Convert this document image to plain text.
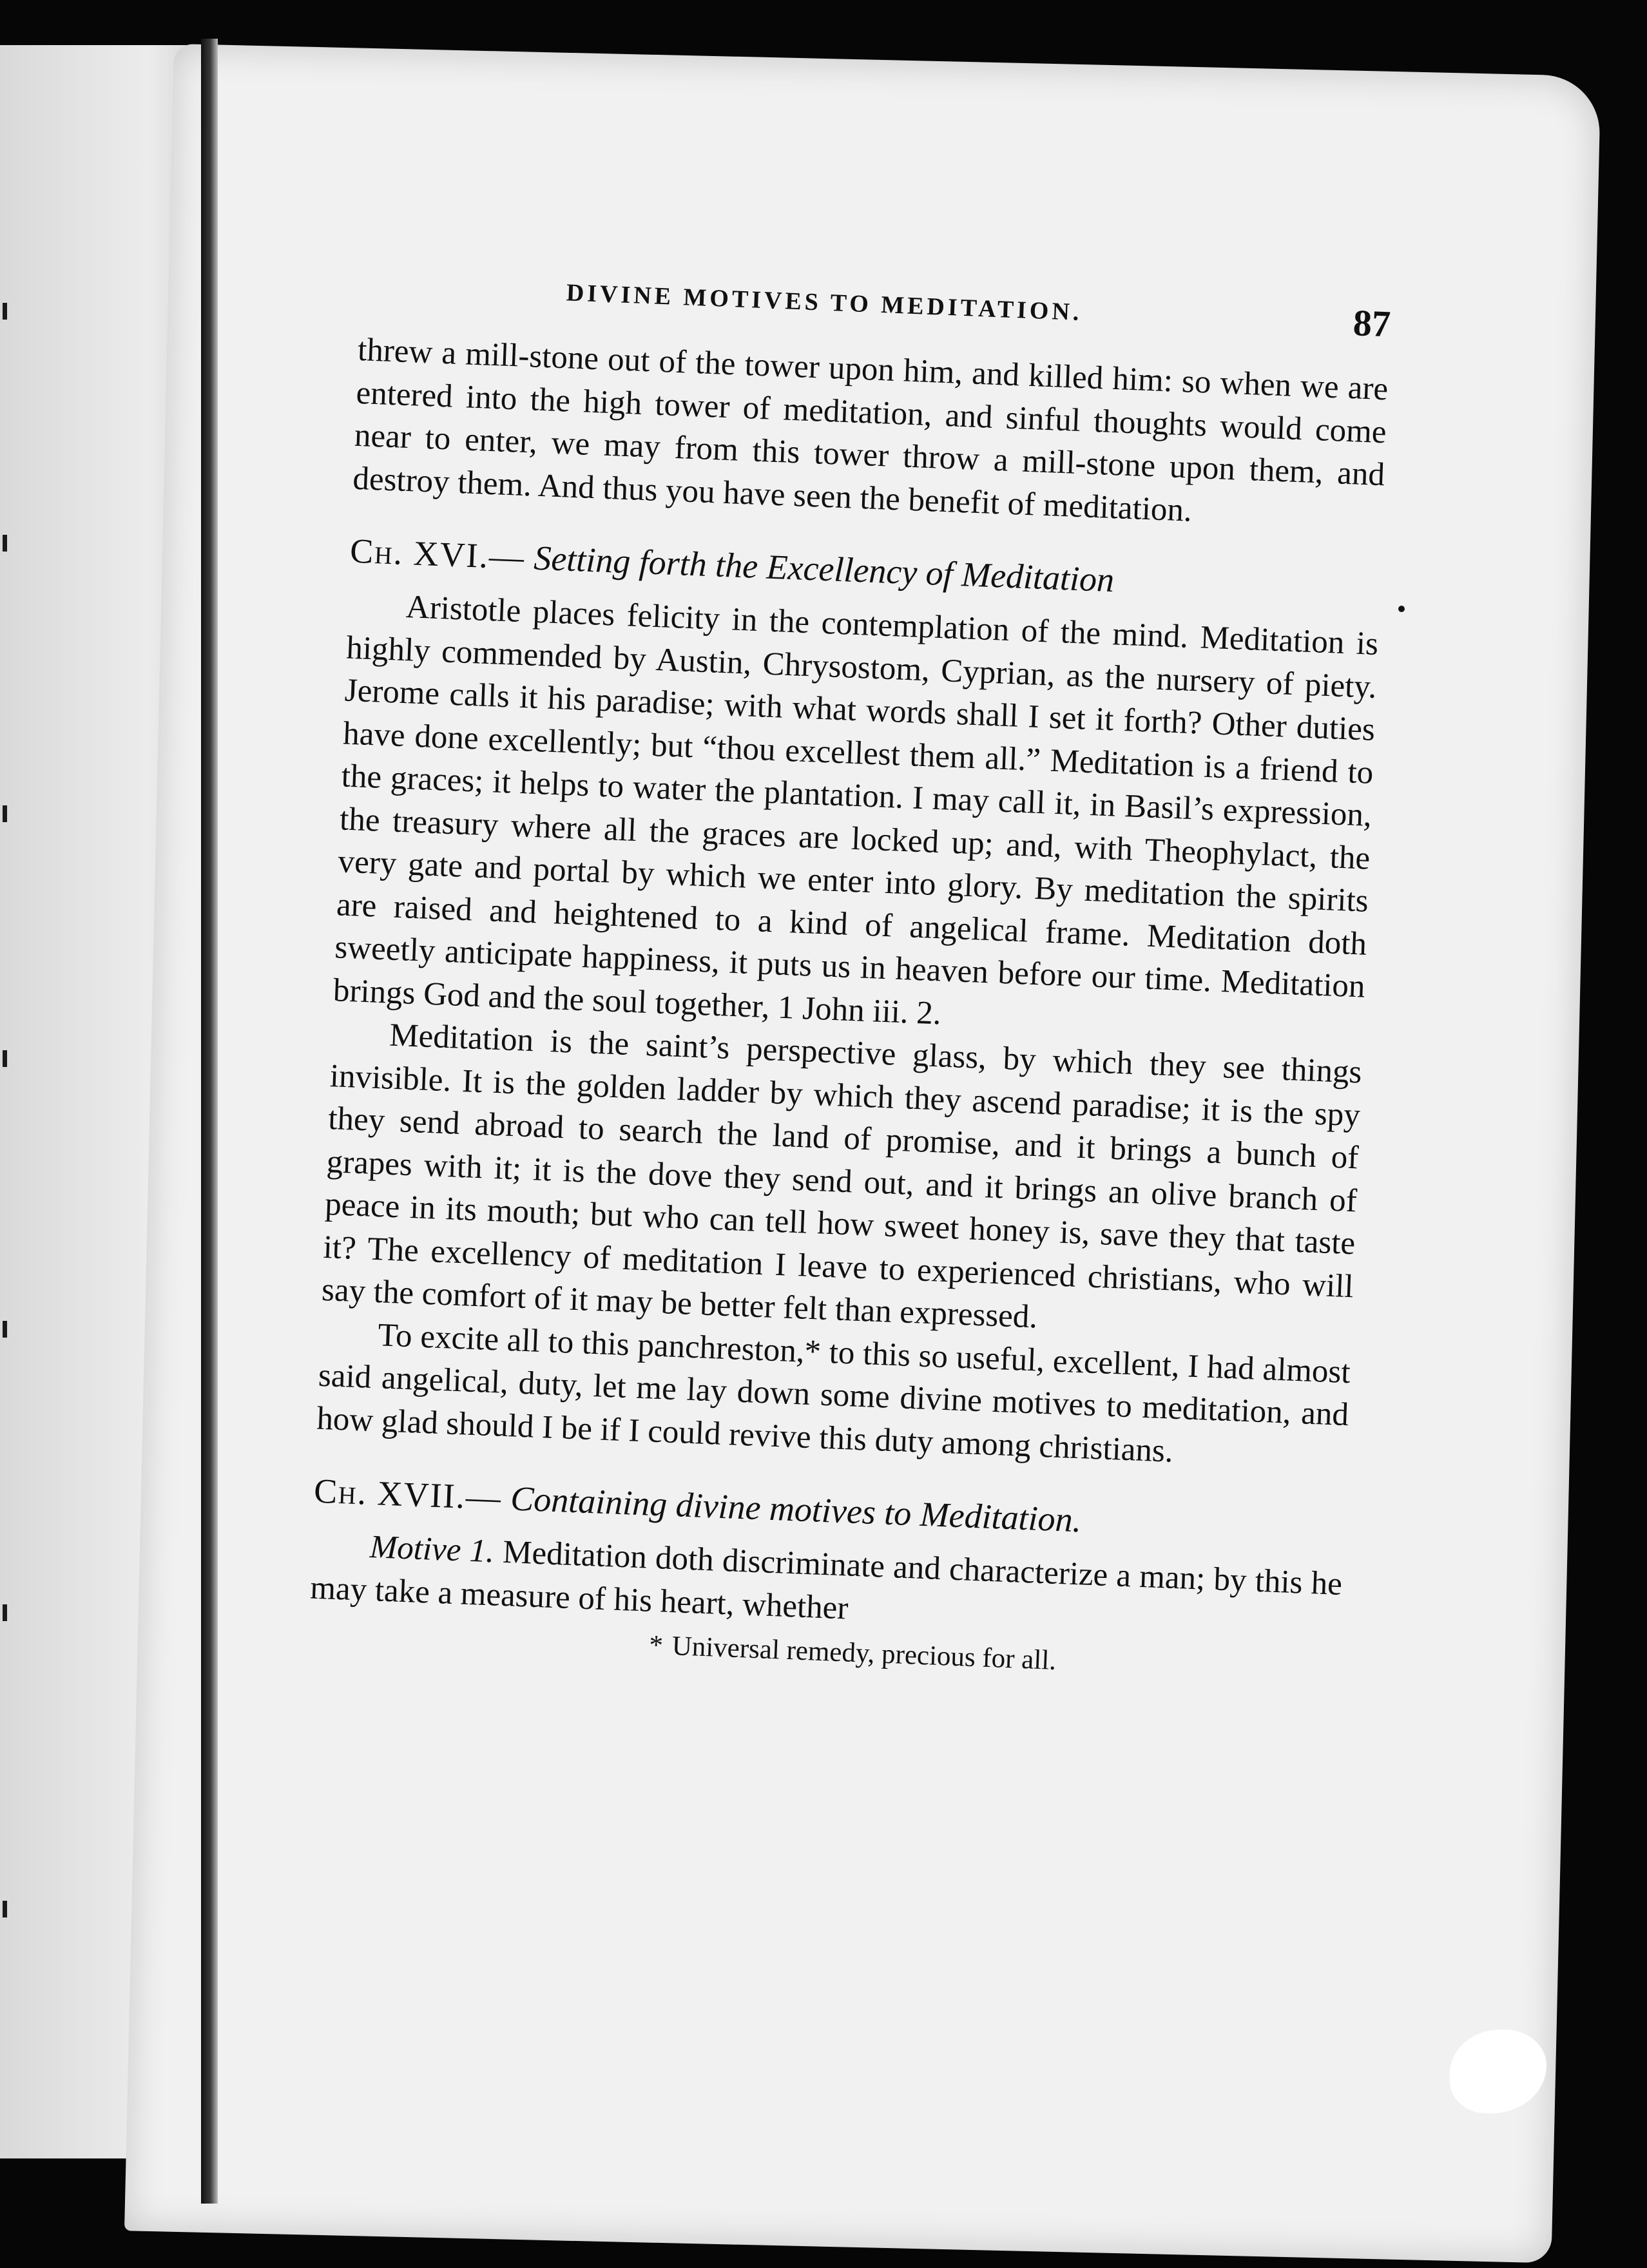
DIVINE MOTIVES TO MEDITATION.	87

threw a mill-stone out of the tower upon him, and killed him: so when we are entered into the high tower of meditation, and sinful thoughts would come near to enter, we may from this tower throw a mill-stone upon them, and destroy them. And thus you have seen the benefit of meditation.

Ch. XVI.— Setting forth the Excellency of Meditation

Aristotle places felicity in the contemplation of the mind. Meditation is highly commended by Austin, Chrysostom, Cyprian, as the nursery of piety. Jerome calls it his paradise; with what words shall I set it forth? Other duties have done excellently; but “thou excellest them all.” Meditation is a friend to the graces; it helps to water the plantation. I may call it, in Basil’s expression, the treasury where all the graces are locked up; and, with Theophylact, the very gate and portal by which we enter into glory. By meditation the spirits are raised and heightened to a kind of angelical frame. Meditation doth sweetly anticipate happiness, it puts us in heaven before our time. Meditation brings God and the soul together, 1 John iii. 2.

Meditation is the saint’s perspective glass, by which they see things invisible. It is the golden ladder by which they ascend paradise; it is the spy they send abroad to search the land of promise, and it brings a bunch of grapes with it; it is the dove they send out, and it brings an olive branch of peace in its mouth; but who can tell how sweet honey is, save they that taste it? The excellency of meditation I leave to experienced christians, who will say the comfort of it may be better felt than expressed.

To excite all to this panchreston,* to this so useful, excellent, I had almost said angelical, duty, let me lay down some divine motives to meditation, and how glad should I be if I could revive this duty among christians.

Ch. XVII.— Containing divine motives to Meditation.

Motive 1. Meditation doth discriminate and characterize a man; by this he may take a measure of his heart, whether

* Universal remedy, precious for all.
